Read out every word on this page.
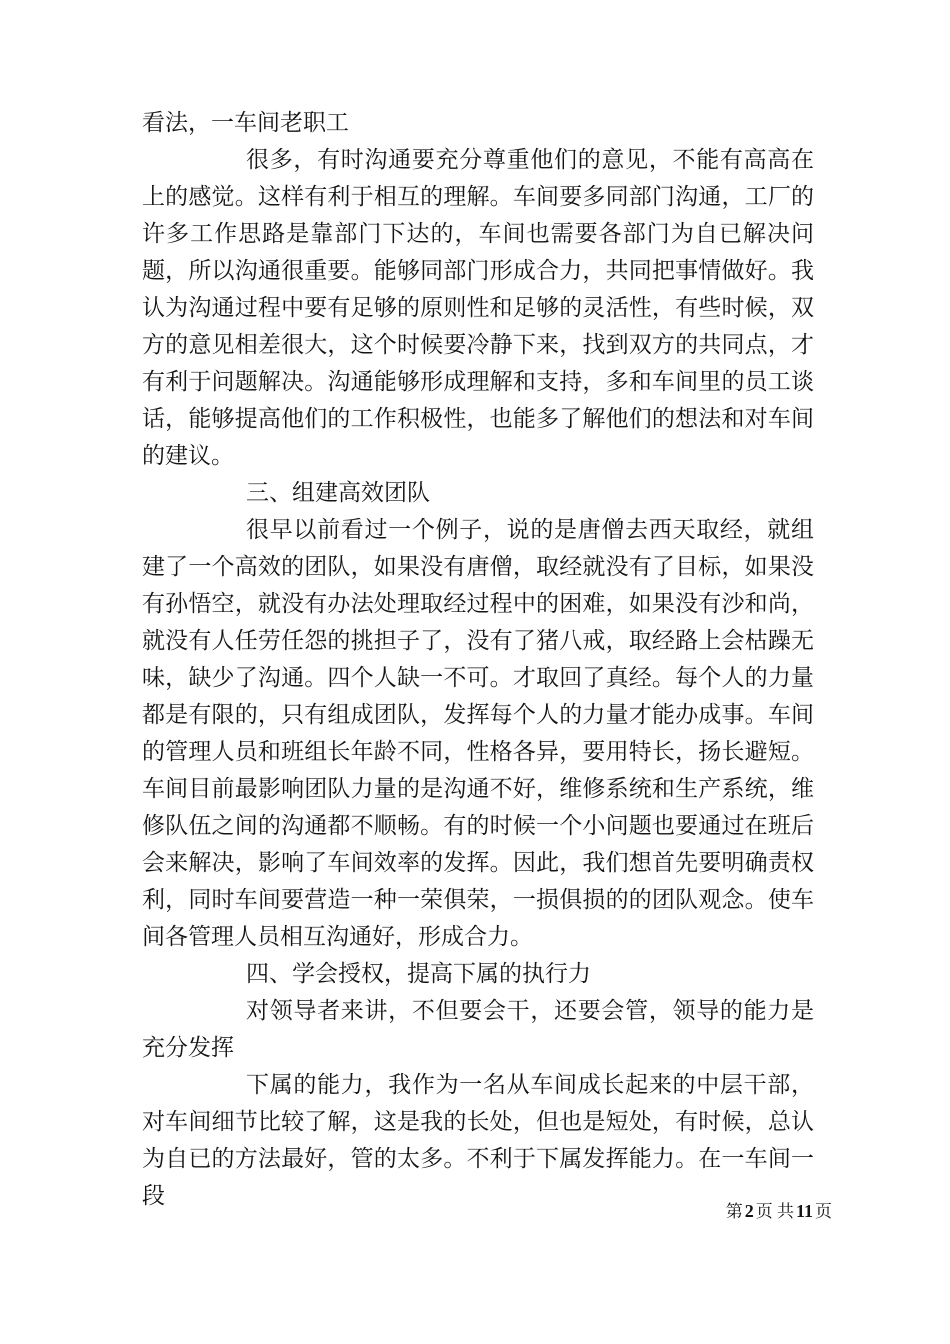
看法，一车间老职工

很多，有时沟通要充分尊重他们的意见，不能有高高在上的感觉。这样有利于相互的理解。车间要多同部门沟通，工厂的许多工作思路是靠部门下达的，车间也需要各部门为自已解决问题，所以沟通很重要。能够同部门形成合力，共同把事情做好。我认为沟通过程中要有足够的原则性和足够的灵活性，有些时候，双方的意见相差很大，这个时候要冷静下来，找到双方的共同点，才有利于问题解决。沟通能够形成理解和支持，多和车间里的员工谈话，能够提高他们的工作积极性，也能多了解他们的想法和对车间的建议。

三、组建高效团队

很早以前看过一个例子，说的是唐僧去西天取经，就组建了一个高效的团队，如果没有唐僧，取经就没有了目标，如果没有孙悟空，就没有办法处理取经过程中的困难，如果没有沙和尚，就没有人任劳任怨的挑担子了，没有了猪八戒，取经路上会枯躁无味，缺少了沟通。四个人缺一不可。才取回了真经。每个人的力量都是有限的，只有组成团队，发挥每个人的力量才能办成事。车间的管理人员和班组长年龄不同，性格各异，要用特长，扬长避短。车间目前最影响团队力量的是沟通不好，维修系统和生产系统，维修队伍之间的沟通都不顺畅。有的时候一个小问题也要通过在班后会来解决，影响了车间效率的发挥。因此，我们想首先要明确责权利，同时车间要营造一种一荣俱荣，一损俱损的的团队观念。使车间各管理人员相互沟通好，形成合力。

四、学会授权，提高下属的执行力

对领导者来讲，不但要会干，还要会管，领导的能力是充分发挥

下属的能力，我作为一名从车间成长起来的中层干部，对车间细节比较了解，这是我的长处，但也是短处，有时候，总认为自已的方法最好，管的太多。不利于下属发挥能力。在一车间一段

第 2 页 共 11 页
